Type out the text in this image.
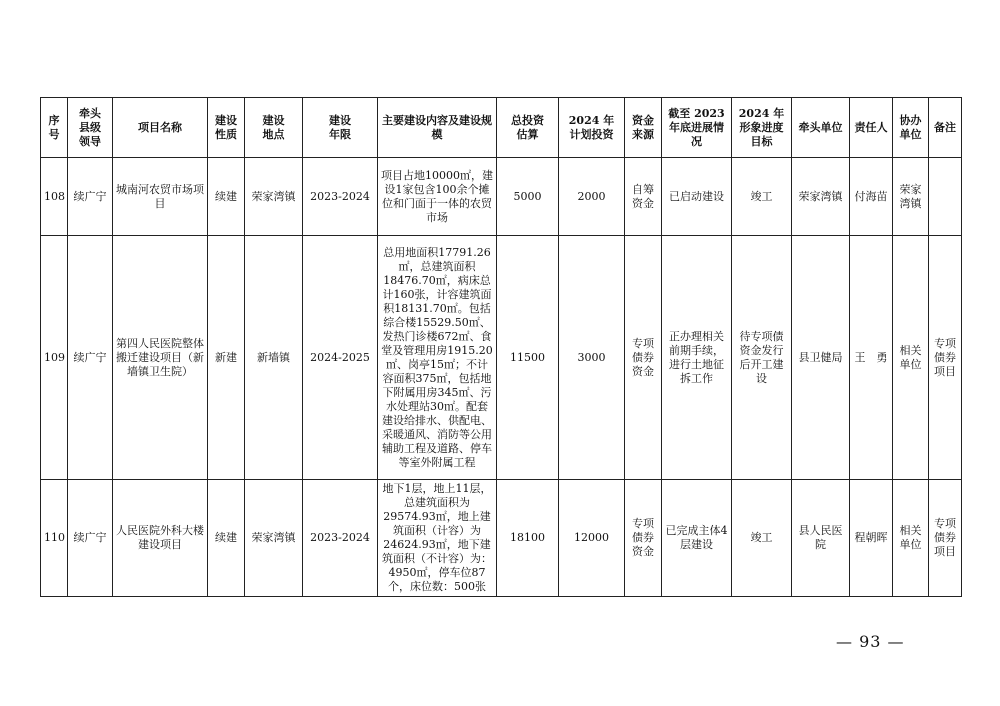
序号	牵头县级领导	项目名称	建设性质	建设地点	建设年限	主要建设内容及建设规模	总投资估算	2024 年计划投资	资金来源	截至 2023 年底进展情况	2024 年形象进度目标	牵头单位	责任人	协办单位	备注
108	续广宁	城南河农贸市场项目	续建	荣家湾镇	2023-2024	项目占地10000㎡，建设1家包含100余个摊位和门面于一体的农贸市场	5000	2000	自筹资金	已启动建设	竣工	荣家湾镇	付海苗	荣家湾镇	

109	续广宁	第四人民医院整体搬迁建设项目（新墙镇卫生院）	新建	新墙镇	2024-2025	总用地面积17791.26㎡，总建筑面积18476.70㎡，病床总计160张，计容建筑面积18131.70㎡。包括综合楼15529.50㎡、发热门诊楼672㎡、食堂及管理用房1915.20㎡、岗亭15㎡；不计容面积375㎡，包括地下附属用房345㎡、污水处理站30㎡。配套建设给排水、供配电、采暖通风、消防等公用辅助工程及道路、停车等室外附属工程	11500	3000	专项债券资金	正办理相关前期手续，进行土地征拆工作	待专项债资金发行后开工建设	县卫健局	王　勇	相关单位	专项债券项目

110	续广宁	人民医院外科大楼建设项目	续建	荣家湾镇	2023-2024	地下1层，地上11层，总建筑面积为29574.93㎡，地上建筑面积（计容）为24624.93㎡，地下建筑面积（不计容）为：4950㎡，停车位87个，床位数：500张	18100	12000	专项债券资金	已完成主体4层建设	竣工	县人民医院	程朝晖	相关单位	专项债券项目
— 93 —
